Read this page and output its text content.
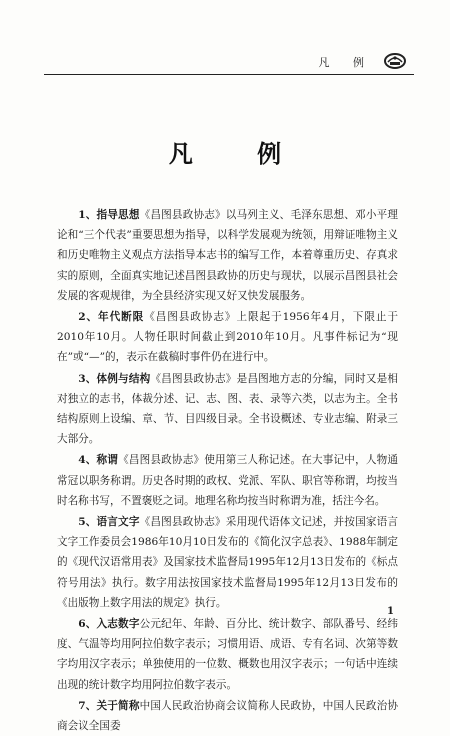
凡 例
凡 例

1、指导思想《昌图县政协志》以马列主义、毛泽东思想、邓小平理论和“三个代表”重要思想为指导，以科学发展观为统领，用辩证唯物主义和历史唯物主义观点方法指导本志书的编写工作，本着尊重历史、存真求实的原则，全面真实地记述昌图县政协的历史与现状，以展示昌图县社会发展的客观规律，为全县经济实现又好又快发展服务。

2、年代断限《昌图县政协志》上限起于1956年4月，下限止于2010年10月。人物任职时间截止到2010年10月。凡事件标记为“现在”或“—”的，表示在截稿时事件仍在进行中。

3、体例与结构《昌图县政协志》是昌图地方志的分编，同时又是相对独立的志书，体裁分述、记、志、图、表、录等六类，以志为主。全书结构原则上设编、章、节、目四级目录。全书设概述、专业志编、附录三大部分。

4、称谓《昌图县政协志》使用第三人称记述。在大事记中，人物通常冠以职务称谓。历史各时期的政权、党派、军队、职官等称谓，均按当时名称书写，不置褒贬之词。地理名称均按当时称谓为准，括注今名。

5、语言文字《昌图县政协志》采用现代语体文记述，并按国家语言文字工作委员会1986年10月10日发布的《简化汉字总表》、1988年制定的《现代汉语常用表》及国家技术监督局1995年12月13日发布的《标点符号用法》执行。数字用法按国家技术监督局1995年12月13日发布的《出版物上数字用法的规定》执行。

6、入志数字公元纪年、年龄、百分比、统计数字、部队番号、经纬度、气温等均用阿拉伯数字表示；习惯用语、成语、专有名词、次第等数字均用汉字表示；单独使用的一位数、概数也用汉字表示；一句话中连续出现的统计数字均用阿拉伯数字表示。

7、关于简称中国人民政治协商会议简称人民政协，中国人民政治协商会议全国委

1
